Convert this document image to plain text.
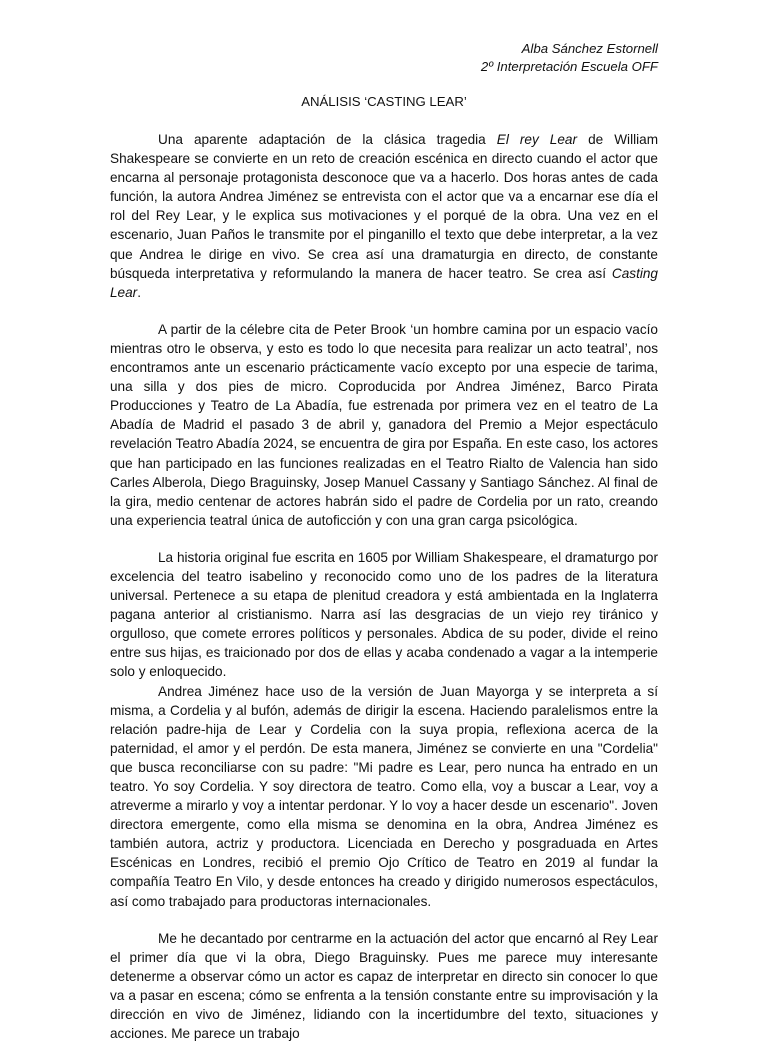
Alba Sánchez Estornell
2º Interpretación Escuela OFF
ANÁLISIS ‘CASTING LEAR’

Una aparente adaptación de la clásica tragedia El rey Lear de William Shakespeare se convierte en un reto de creación escénica en directo cuando el actor que encarna al personaje protagonista desconoce que va a hacerlo. Dos horas antes de cada función, la autora Andrea Jiménez se entrevista con el actor que va a encarnar ese día el rol del Rey Lear, y le explica sus motivaciones y el porqué de la obra. Una vez en el escenario, Juan Paños le transmite por el pinganillo el texto que debe interpretar, a la vez que Andrea le dirige en vivo. Se crea así una dramaturgia en directo, de constante búsqueda interpretativa y reformulando la manera de hacer teatro. Se crea así Casting Lear.

A partir de la célebre cita de Peter Brook ‘un hombre camina por un espacio vacío mientras otro le observa, y esto es todo lo que necesita para realizar un acto teatral’, nos encontramos ante un escenario prácticamente vacío excepto por una especie de tarima, una silla y dos pies de micro. Coproducida por Andrea Jiménez, Barco Pirata Producciones y Teatro de La Abadía, fue estrenada por primera vez en el teatro de La Abadía de Madrid el pasado 3 de abril y, ganadora del Premio a Mejor espectáculo revelación Teatro Abadía 2024, se encuentra de gira por España. En este caso, los actores que han participado en las funciones realizadas en el Teatro Rialto de Valencia han sido Carles Alberola, Diego Braguinsky, Josep Manuel Cassany y Santiago Sánchez. Al final de la gira, medio centenar de actores habrán sido el padre de Cordelia por un rato, creando una experiencia teatral única de autoficción y con una gran carga psicológica.

La historia original fue escrita en 1605 por William Shakespeare, el dramaturgo por excelencia del teatro isabelino y reconocido como uno de los padres de la literatura universal. Pertenece a su etapa de plenitud creadora y está ambientada en la Inglaterra pagana anterior al cristianismo. Narra así las desgracias de un viejo rey tiránico y orgulloso, que comete errores políticos y personales. Abdica de su poder, divide el reino entre sus hijas, es traicionado por dos de ellas y acaba condenado a vagar a la intemperie solo y enloquecido.

Andrea Jiménez hace uso de la versión de Juan Mayorga y se interpreta a sí misma, a Cordelia y al bufón, además de dirigir la escena. Haciendo paralelismos entre la relación padre-hija de Lear y Cordelia con la suya propia, reflexiona acerca de la paternidad, el amor y el perdón. De esta manera, Jiménez se convierte en una "Cordelia" que busca reconciliarse con su padre: "Mi padre es Lear, pero nunca ha entrado en un teatro. Yo soy Cordelia. Y soy directora de teatro. Como ella, voy a buscar a Lear, voy a atreverme a mirarlo y voy a intentar perdonar. Y lo voy a hacer desde un escenario". Joven directora emergente, como ella misma se denomina en la obra, Andrea Jiménez es también autora, actriz y productora. Licenciada en Derecho y posgraduada en Artes Escénicas en Londres, recibió el premio Ojo Crítico de Teatro en 2019 al fundar la compañía Teatro En Vilo, y desde entonces ha creado y dirigido numerosos espectáculos, así como trabajado para productoras internacionales.

Me he decantado por centrarme en la actuación del actor que encarnó al Rey Lear el primer día que vi la obra, Diego Braguinsky. Pues me parece muy interesante detenerme a observar cómo un actor es capaz de interpretar en directo sin conocer lo que va a pasar en escena; cómo se enfrenta a la tensión constante entre su improvisación y la dirección en vivo de Jiménez, lidiando con la incertidumbre del texto, situaciones y acciones. Me parece un trabajo
